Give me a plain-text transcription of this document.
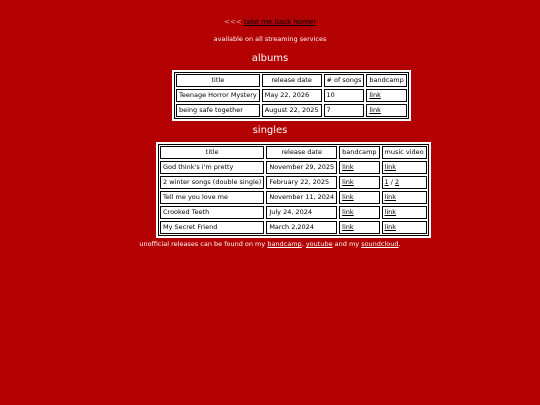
<<< take me back home!
available on all streaming services
albums
title	release date	# of songs	bandcamp
Teenage Horror Mystery	May 22, 2026	10	link
being safe together	August 22, 2025	7	link
singles
title	release date	bandcamp	music video
God think's i'm pretty	November 29, 2025	link	link
2 winter songs (double single)	February 22, 2025	link	1 / 2
Tell me you love me	November 11, 2024	link	link
Crooked Teeth	July 24, 2024	link	link
My Secret Friend	March 2,2024	link	link
unofficial releases can be found on my bandcamp, youtube and my soundcloud.
